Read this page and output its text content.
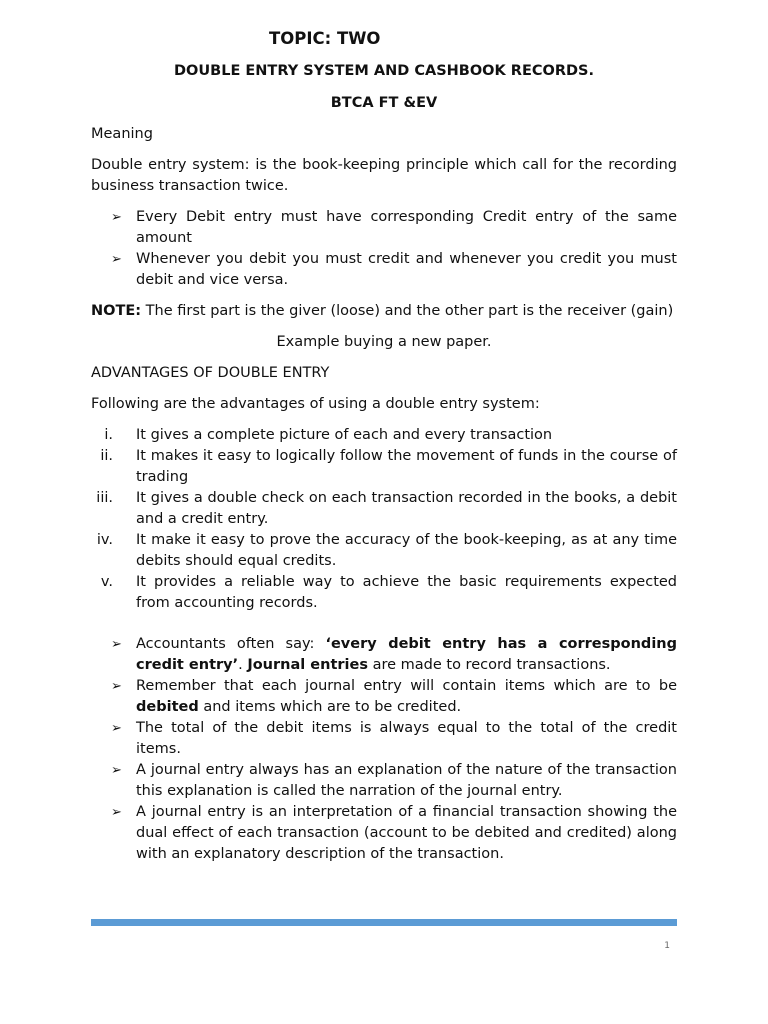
TOPIC: TWO
DOUBLE ENTRY SYSTEM AND CASHBOOK RECORDS.
BTCA FT &EV

Meaning

Double entry system: is the book-keeping principle which call for the recording business transaction twice.

➢ Every Debit entry must have corresponding Credit entry of the same amount
➢ Whenever you debit you must credit and whenever you credit you must debit and vice versa.

NOTE: The first part is the giver (loose) and the other part is the receiver (gain)

Example buying a new paper.

ADVANTAGES OF DOUBLE ENTRY

Following are the advantages of using a double entry system:

i. It gives a complete picture of each and every transaction
ii. It makes it easy to logically follow the movement of funds in the course of trading
iii. It gives a double check on each transaction recorded in the books, a debit and a credit entry.
iv. It make it easy to prove the accuracy of the book-keeping, as at any time debits should equal credits.
v. It provides a reliable way to achieve the basic requirements expected from accounting records.
➢ Accountants often say: ‘every debit entry has a corresponding credit entry’. Journal entries are made to record transactions.
➢ Remember that each journal entry will contain items which are to be debited and items which are to be credited.
➢ The total of the debit items is always equal to the total of the credit items.
➢ A journal entry always has an explanation of the nature of the transaction this explanation is called the narration of the journal entry.
➢ A journal entry is an interpretation of a financial transaction showing the dual effect of each transaction (account to be debited and credited) along with an explanatory description of the transaction.
1
